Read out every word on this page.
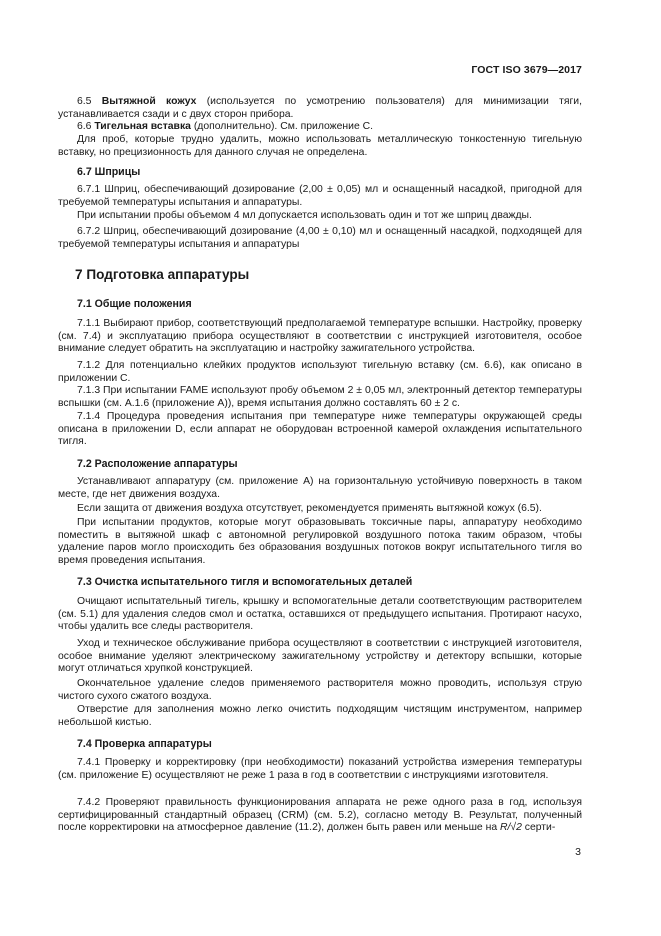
ГОСТ ISO 3679—2017

6.5 Вытяжной кожух (используется по усмотрению пользователя) для минимизации тяги, устанавливается сзади и с двух сторон прибора.

6.6 Тигельная вставка (дополнительно). См. приложение С.

Для проб, которые трудно удалить, можно использовать металлическую тонкостенную тигельную вставку, но прецизионность для данного случая не определена.

6.7 Шприцы

6.7.1 Шприц, обеспечивающий дозирование (2,00 ± 0,05) мл и оснащенный насадкой, пригодной для требуемой температуры испытания и аппаратуры.

При испытании пробы объемом 4 мл допускается использовать один и тот же шприц дважды.

6.7.2 Шприц, обеспечивающий дозирование (4,00 ± 0,10) мл и оснащенный насадкой, подходящей для требуемой температуры испытания и аппаратуры

7 Подготовка аппаратуры

7.1 Общие положения

7.1.1 Выбирают прибор, соответствующий предполагаемой температуре вспышки. Настройку, проверку (см. 7.4) и эксплуатацию прибора осуществляют в соответствии с инструкцией изготовителя, особое внимание следует обратить на эксплуатацию и настройку зажигательного устройства.

7.1.2 Для потенциально клейких продуктов используют тигельную вставку (см. 6.6), как описано в приложении С.

7.1.3 При испытании FAME используют пробу объемом 2 ± 0,05 мл, электронный детектор температуры вспышки (см. А.1.6 (приложение А)), время испытания должно составлять 60 ± 2 с.

7.1.4 Процедура проведения испытания при температуре ниже температуры окружающей среды описана в приложении D, если аппарат не оборудован встроенной камерой охлаждения испытательного тигля.

7.2 Расположение аппаратуры

Устанавливают аппаратуру (см. приложение А) на горизонтальную устойчивую поверхность в таком месте, где нет движения воздуха.

Если защита от движения воздуха отсутствует, рекомендуется применять вытяжной кожух (6.5).

При испытании продуктов, которые могут образовывать токсичные пары, аппаратуру необходимо поместить в вытяжной шкаф с автономной регулировкой воздушного потока таким образом, чтобы удаление паров могло происходить без образования воздушных потоков вокруг испытательного тигля во время проведения испытания.

7.3 Очистка испытательного тигля и вспомогательных деталей

Очищают испытательный тигель, крышку и вспомогательные детали соответствующим растворителем (см. 5.1) для удаления следов смол и остатка, оставшихся от предыдущего испытания. Протирают насухо, чтобы удалить все следы растворителя.

Уход и техническое обслуживание прибора осуществляют в соответствии с инструкцией изготовителя, особое внимание уделяют электрическому зажигательному устройству и детектору вспышки, которые могут отличаться хрупкой конструкцией.

Окончательное удаление следов применяемого растворителя можно проводить, используя струю чистого сухого сжатого воздуха.

Отверстие для заполнения можно легко очистить подходящим чистящим инструментом, например небольшой кистью.

7.4 Проверка аппаратуры

7.4.1 Проверку и корректировку (при необходимости) показаний устройства измерения температуры (см. приложение Е) осуществляют не реже 1 раза в год в соответствии с инструкциями изготовителя.

7.4.2 Проверяют правильность функционирования аппарата не реже одного раза в год, используя сертифицированный стандартный образец (CRM) (см. 5.2), согласно методу В. Результат, полученный после корректировки на атмосферное давление (11.2), должен быть равен или меньше на R/√2 серти-

3
